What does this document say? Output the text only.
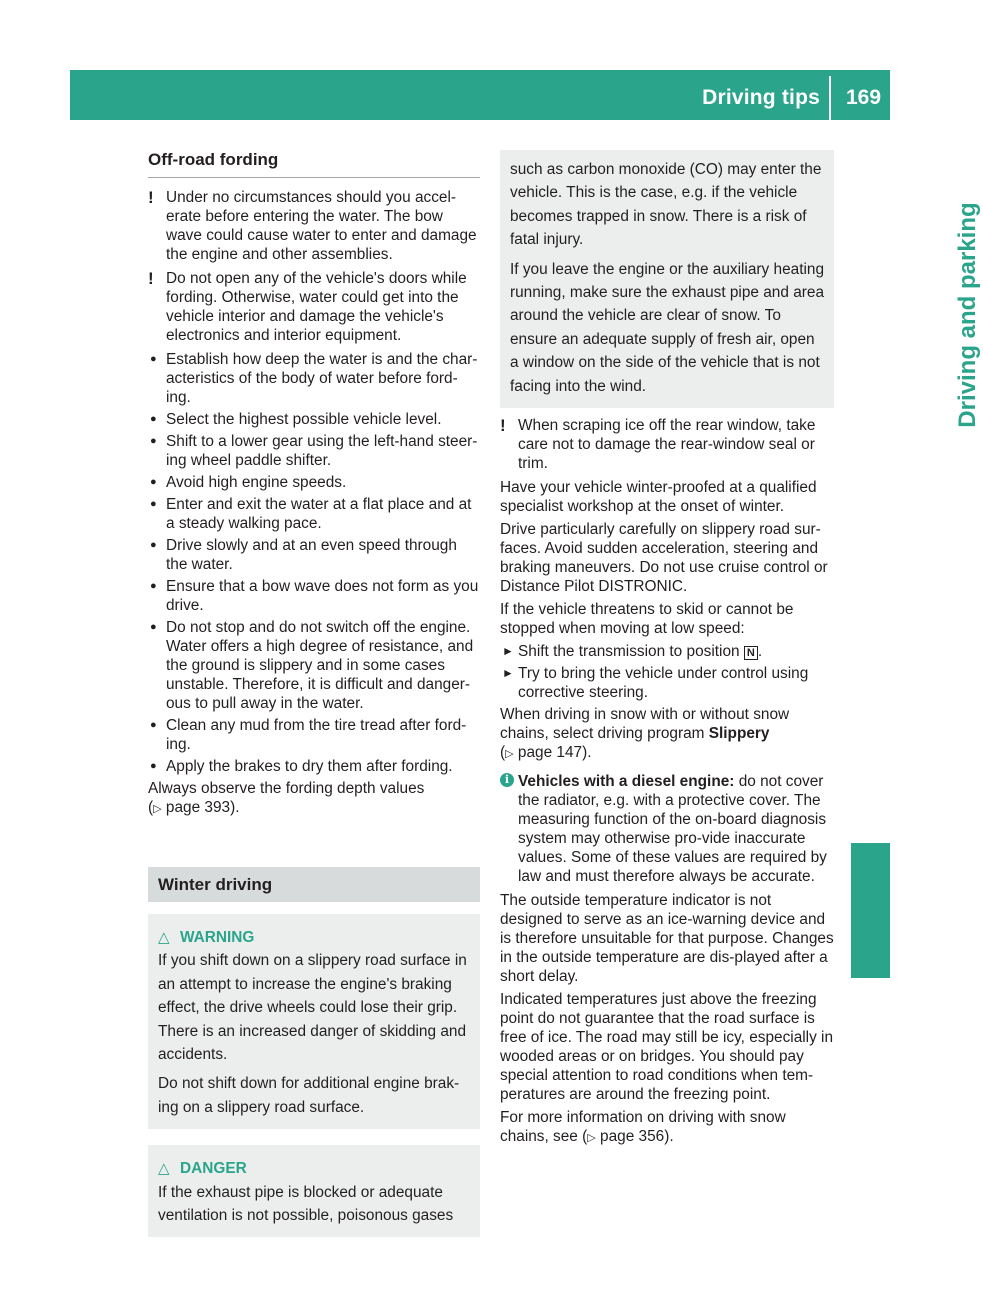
Driving tips 169
Driving and parking
Off-road fording
! Under no circumstances should you accel-erate before entering the water. The bow wave could cause water to enter and damage the engine and other assemblies.
! Do not open any of the vehicle's doors while fording. Otherwise, water could get into the vehicle interior and damage the vehicle's electronics and interior equipment.
● Establish how deep the water is and the char-acteristics of the body of water before ford-ing.
● Select the highest possible vehicle level.
● Shift to a lower gear using the left-hand steer-ing wheel paddle shifter.
● Avoid high engine speeds.
● Enter and exit the water at a flat place and at a steady walking pace.
● Drive slowly and at an even speed through the water.
● Ensure that a bow wave does not form as you drive.
● Do not stop and do not switch off the engine. Water offers a high degree of resistance, and the ground is slippery and in some cases unstable. Therefore, it is difficult and danger-ous to pull away in the water.
● Clean any mud from the tire tread after ford-ing.
● Apply the brakes to dry them after fording.

Always observe the fording depth values
(▷ page 393).

Winter driving
△ WARNING

If you shift down on a slippery road surface in an attempt to increase the engine's braking effect, the drive wheels could lose their grip. There is an increased danger of skidding and accidents.

Do not shift down for additional engine brak-ing on a slippery road surface.

△ DANGER

If the exhaust pipe is blocked or adequate ventilation is not possible, poisonous gases

such as carbon monoxide (CO) may enter the vehicle. This is the case, e.g. if the vehicle becomes trapped in snow. There is a risk of fatal injury.

If you leave the engine or the auxiliary heating running, make sure the exhaust pipe and area around the vehicle are clear of snow. To ensure an adequate supply of fresh air, open a window on the side of the vehicle that is not facing into the wind.

! When scraping ice off the rear window, take care not to damage the rear-window seal or trim.

Have your vehicle winter-proofed at a qualified specialist workshop at the onset of winter.

Drive particularly carefully on slippery road sur-faces. Avoid sudden acceleration, steering and braking maneuvers. Do not use cruise control or Distance Pilot DISTRONIC.

If the vehicle threatens to skid or cannot be stopped when moving at low speed:

► Shift the transmission to position N .
► Try to bring the vehicle under control using corrective steering.

When driving in snow with or without snow chains, select driving program Slippery
(▷ page 147).

i Vehicles with a diesel engine: do not cover the radiator, e.g. with a protective cover. The measuring function of the on-board diagnosis system may otherwise pro-vide inaccurate values. Some of these values are required by law and must therefore always be accurate.

The outside temperature indicator is not designed to serve as an ice-warning device and is therefore unsuitable for that purpose. Changes in the outside temperature are dis-played after a short delay.

Indicated temperatures just above the freezing point do not guarantee that the road surface is free of ice. The road may still be icy, especially in wooded areas or on bridges. You should pay special attention to road conditions when tem-peratures are around the freezing point.

For more information on driving with snow chains, see (▷ page 356).
